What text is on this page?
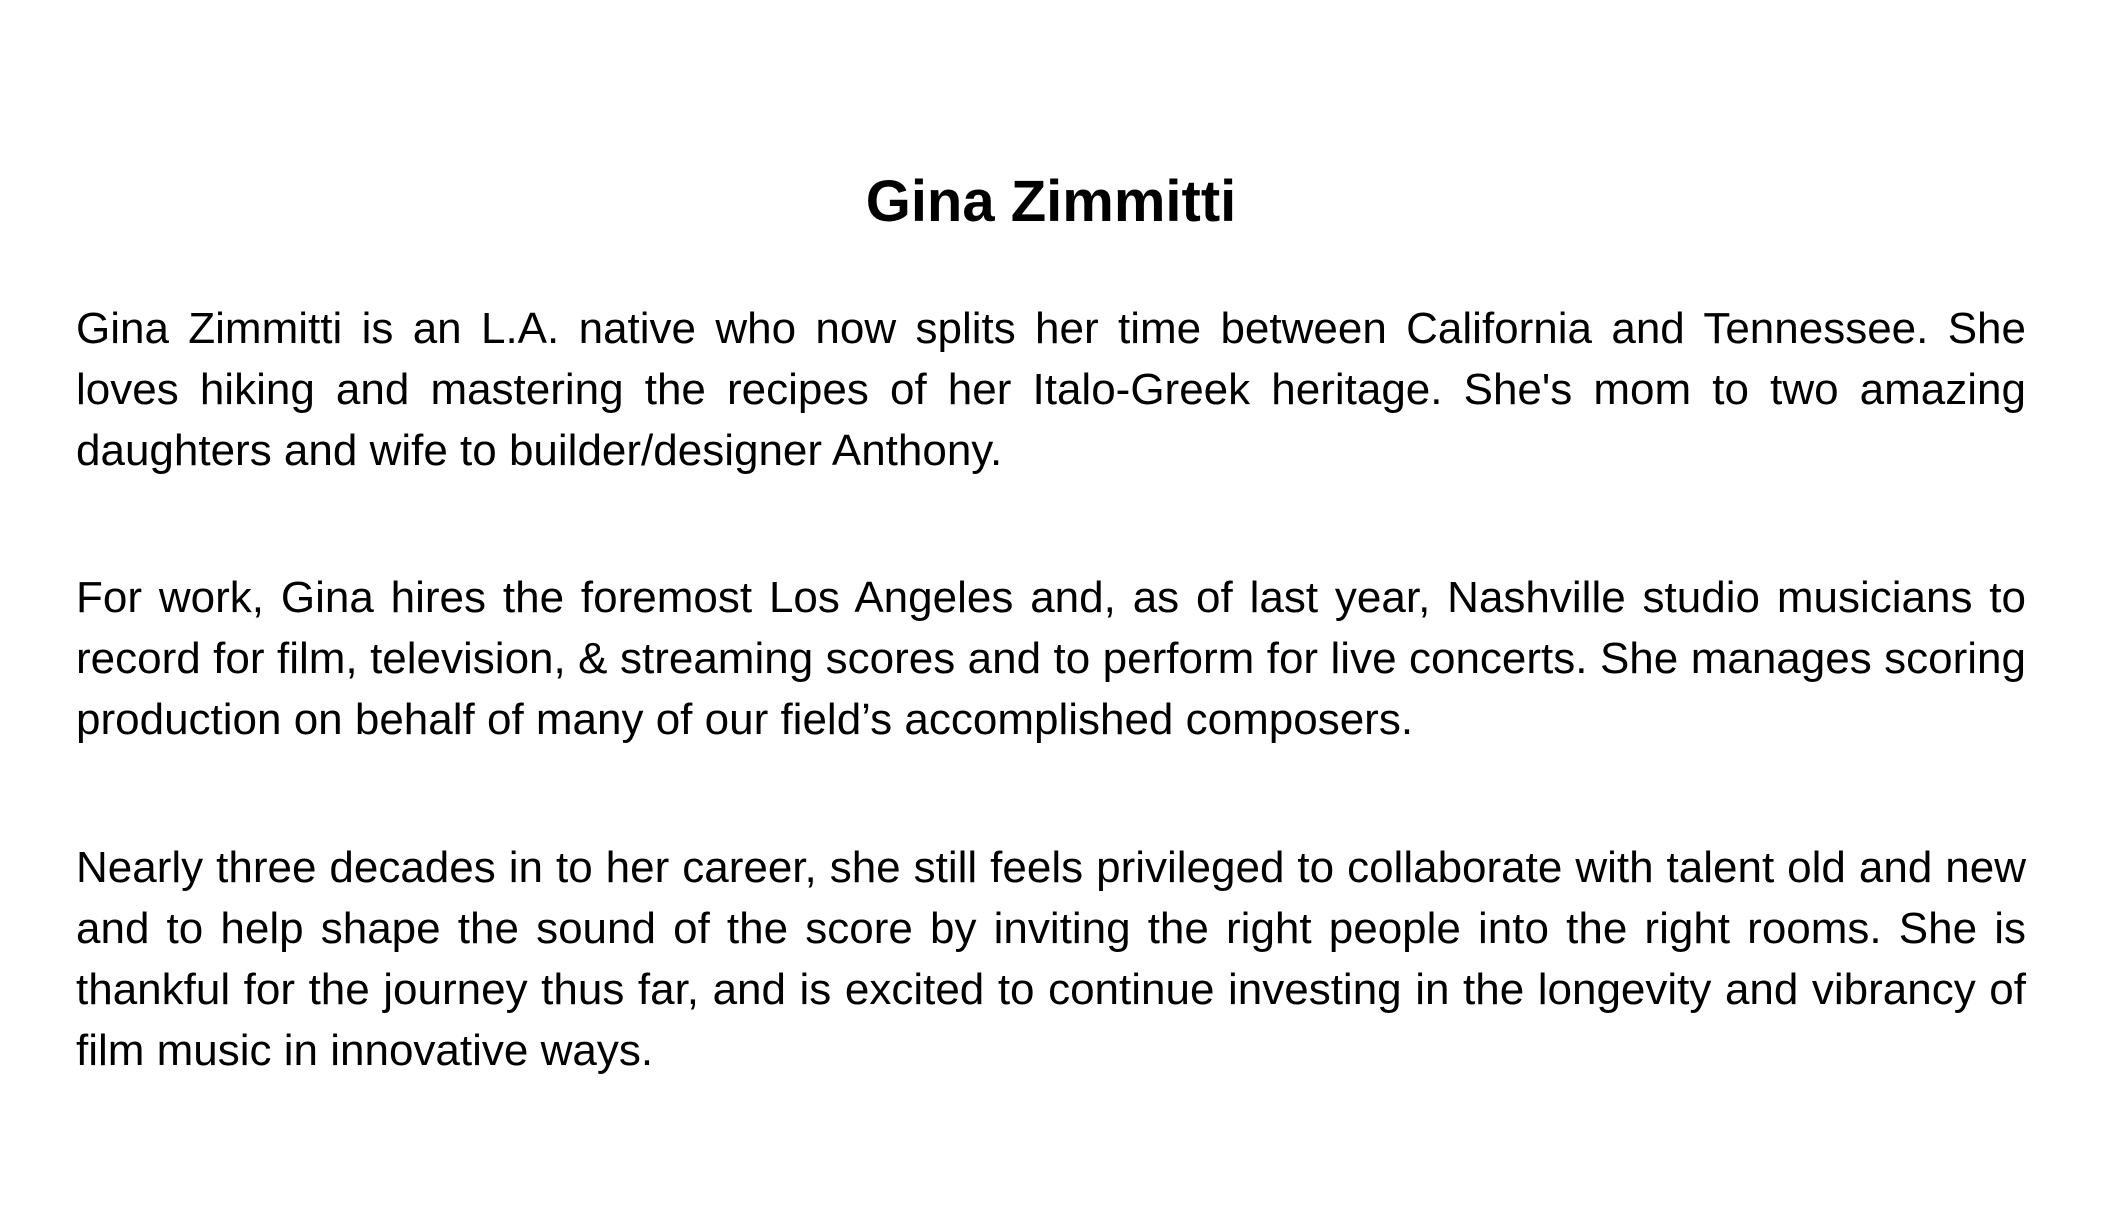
Gina Zimmitti

Gina Zimmitti is an L.A. native who now splits her time between California and Tennessee. She loves hiking and mastering the recipes of her Italo-Greek heritage. She's mom to two amazing daughters and wife to builder/designer Anthony.

For work, Gina hires the foremost Los Angeles and, as of last year, Nashville studio musicians to record for film, television, & streaming scores and to perform for live concerts. She manages scoring production on behalf of many of our field’s accomplished composers.

Nearly three decades in to her career, she still feels privileged to collaborate with talent old and new and to help shape the sound of the score by inviting the right people into the right rooms. She is thankful for the journey thus far, and is excited to continue investing in the longevity and vibrancy of film music in innovative ways.
